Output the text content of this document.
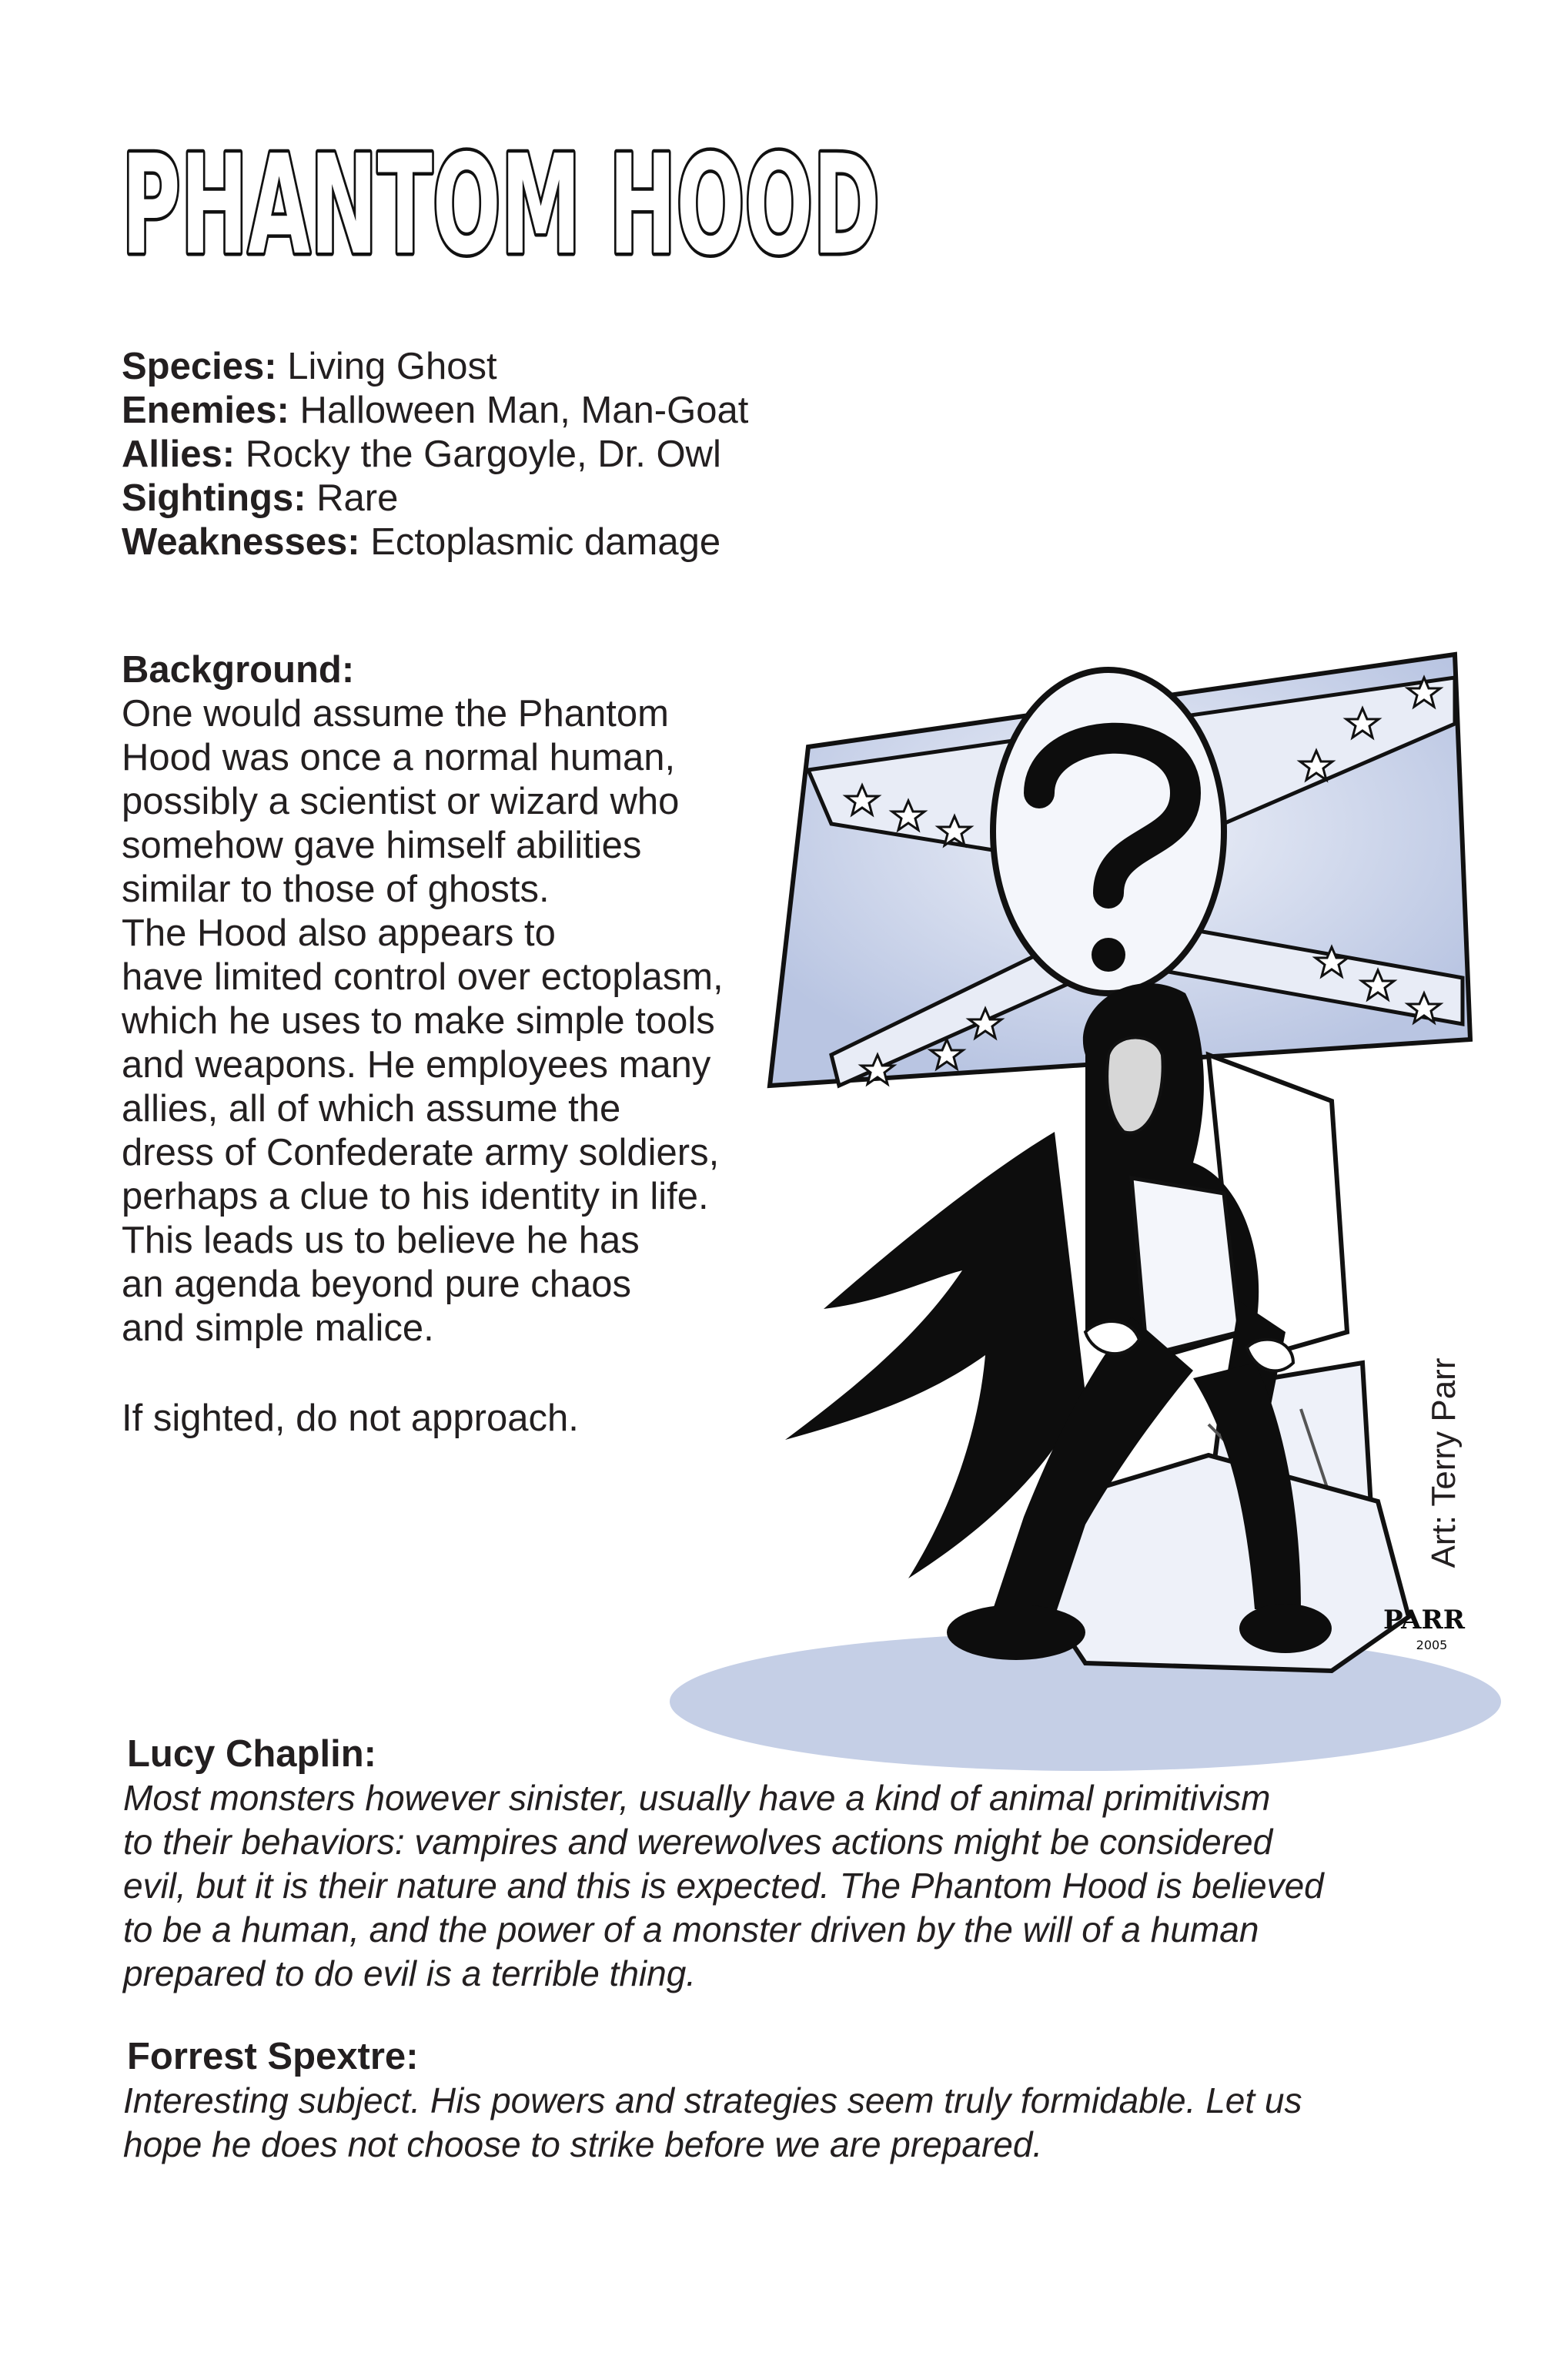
PHANTOM HOOD
Species: Living Ghost
Enemies: Halloween Man, Man-Goat
Allies: Rocky the Gargoyle, Dr. Owl
Sightings: Rare
Weaknesses: Ectoplasmic damage
PARR
2005
Art: Terry Parr
Background:
One would assume the Phantom
Hood was once a normal human,
possibly a scientist or wizard who
somehow gave himself abilities
similar to those of ghosts.
The Hood also appears to
have limited control over ectoplasm,
which he uses to make simple tools
and weapons. He employees many
allies, all of which assume the
dress of Confederate army soldiers,
perhaps a clue to his identity in life.
This leads us to believe he has
an agenda beyond pure chaos
and simple malice.
If sighted, do not approach.
Lucy Chaplin:
Most monsters however sinister, usually have a kind of animal primitivism
to their behaviors: vampires and werewolves actions might be considered
evil, but it is their nature and this is expected. The Phantom Hood is believed
to be a human, and the power of a monster driven by the will of a human
prepared to do evil is a terrible thing.
Forrest Spextre:
Interesting subject. His powers and strategies seem truly formidable. Let us
hope he does not choose to strike before we are prepared.
